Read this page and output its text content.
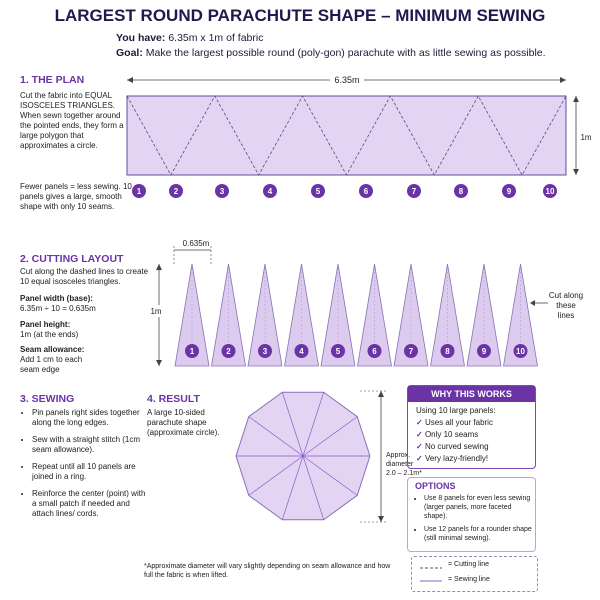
LARGEST ROUND PARACHUTE SHAPE – MINIMUM SEWING
You have: 6.35m x 1m of fabric
Goal: Make the largest possible round (poly-gon) parachute with as little sewing as possible.
1. THE PLAN
Cut the fabric into EQUAL ISOSCELES TRIANGLES. When sewn together around the pointed ends, they form a large polygon that approximates a circle.
Fewer panels = less sewing. 10 panels gives a large, smooth shape with only 10 seams.
6.35m
1m
1	2	3	4	5	6	7	8	9	10
0.635m
1m
1	2	3	4	5	6	7	8	9	10
Cut along these lines
2. CUTTING LAYOUT
Cut along the dashed lines to create 10 equal isosceles triangles.
Panel width (base):
6.35m ÷ 10 = 0.635m
Panel height:
1m (at the ends)
Seam allowance:
Add 1 cm to each seam edge
3. SEWING
• Pin panels right sides together along the long edges.
• Sew with a straight stitch (1cm seam allowance).
• Repeat until all 10 panels are joined in a ring.
• Reinforce the center (point) with a small patch if needed and attach lines/ cords.
4. RESULT
A large 10-sided parachute shape (approximate circle).
Approx. diameter
2.0 – 2.1m*
*Approximate diameter will vary slightly depending on seam allowance and how full the fabric is when lifted.
WHY THIS WORKS
Using 10 large panels:
✓ Uses all your fabric
✓ Only 10 seams
✓ No curved sewing
✓ Very lazy-friendly!
OPTIONS
• Use 8 panels for even less sewing (larger panels, more faceted shape).
• Use 12 panels for a rounder shape (still minimal sewing).
= Cutting line
= Sewing line
